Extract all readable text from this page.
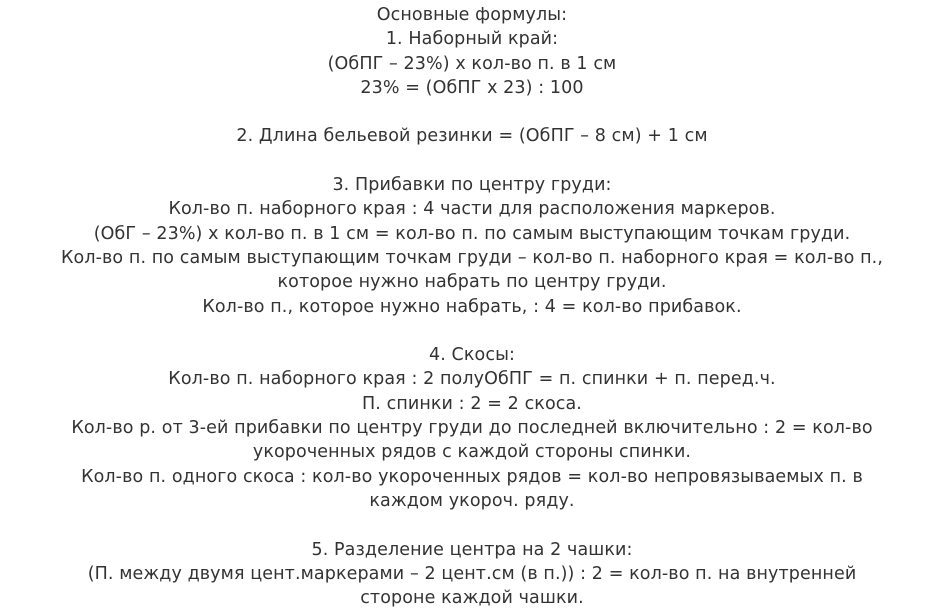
Основные формулы:
1. Наборный край:
(ОбПГ – 23%) х кол-во п. в 1 см
23% = (ОбПГ х 23) : 100
2. Длина бельевой резинки = (ОбПГ – 8 см) + 1 см
3. Прибавки по центру груди:
Кол-во п. наборного края : 4 части для расположения маркеров.
(ОбГ – 23%) х кол-во п. в 1 см = кол-во п. по самым выступающим точкам груди.
Кол-во п. по самым выступающим точкам груди – кол-во п. наборного края = кол-во п.,
которое нужно набрать по центру груди.
Кол-во п., которое нужно набрать, : 4 = кол-во прибавок.
4. Скосы:
Кол-во п. наборного края : 2 полуОбПГ = п. спинки + п. перед.ч.
П. спинки : 2 = 2 скоса.
Кол-во р. от 3-ей прибавки по центру груди до последней включительно : 2 = кол-во
укороченных рядов с каждой стороны спинки.
Кол-во п. одного скоса : кол-во укороченных рядов = кол-во непровязываемых п. в
каждом укороч. ряду.
5. Разделение центра на 2 чашки:
(П. между двумя цент.маркерами – 2 цент.см (в п.)) : 2 = кол-во п. на внутренней
стороне каждой чашки.
